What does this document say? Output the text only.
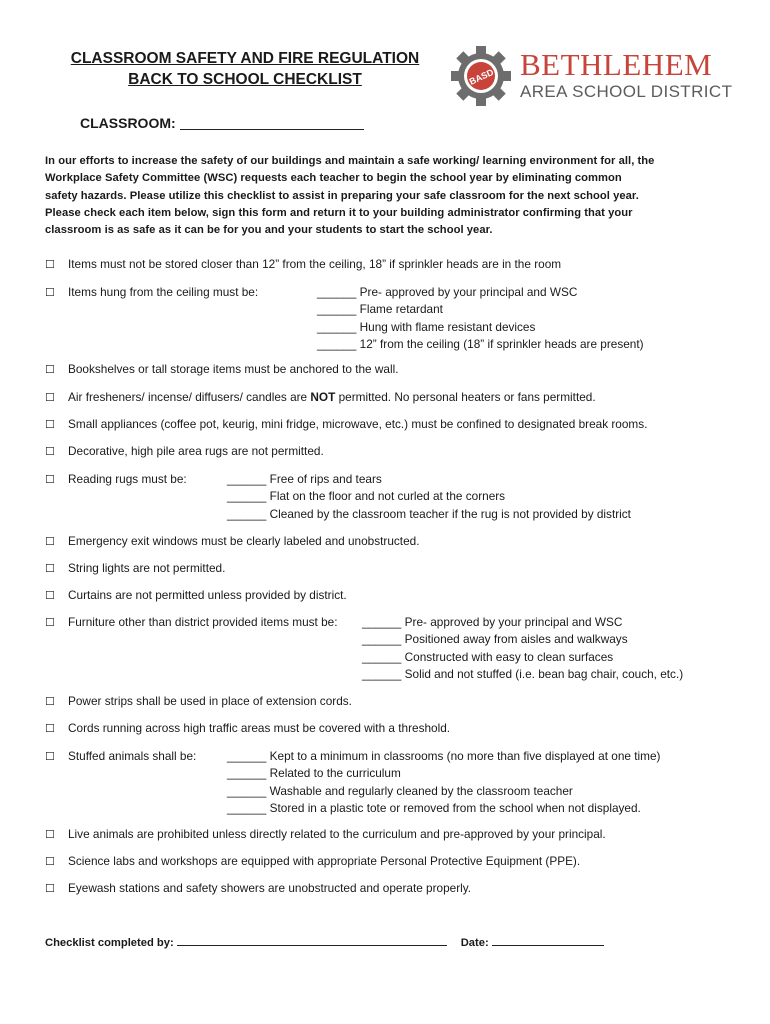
CLASSROOM SAFETY AND FIRE REGULATION
BACK TO SCHOOL CHECKLIST	BASD BETHLEHEM
AREA SCHOOL DISTRICT
CLASSROOM:
In our efforts to increase the safety of our buildings and maintain a safe working/ learning environment for all, the
Workplace Safety Committee (WSC) requests each teacher to begin the school year by eliminating common
safety hazards. Please utilize this checklist to assist in preparing your safe classroom for the next school year.
Please check each item below, sign this form and return it to your building administrator confirming that your
classroom is as safe as it can be for you and your students to start the school year.
☐ Items must not be stored closer than 12” from the ceiling, 18” if sprinkler heads are in the room
☐ Items hung from the ceiling must be:	______ Pre- approved by your principal and WSC
______ Flame retardant
______ Hung with flame resistant devices
______ 12” from the ceiling (18” if sprinkler heads are present)
☐ Bookshelves or tall storage items must be anchored to the wall.
☐ Air fresheners/ incense/ diffusers/ candles are NOT permitted. No personal heaters or fans permitted.
☐ Small appliances (coffee pot, keurig, mini fridge, microwave, etc.) must be confined to designated break rooms.
☐ Decorative, high pile area rugs are not permitted.
☐ Reading rugs must be:	______ Free of rips and tears
______ Flat on the floor and not curled at the corners
______ Cleaned by the classroom teacher if the rug is not provided by district
☐ Emergency exit windows must be clearly labeled and unobstructed.
☐ String lights are not permitted.
☐ Curtains are not permitted unless provided by district.
☐ Furniture other than district provided items must be: ______ Pre- approved by your principal and WSC
______ Positioned away from aisles and walkways
______ Constructed with easy to clean surfaces
______ Solid and not stuffed (i.e. bean bag chair, couch, etc.)
☐ Power strips shall be used in place of extension cords.
☐ Cords running across high traffic areas must be covered with a threshold.
☐ Stuffed animals shall be:	______ Kept to a minimum in classrooms (no more than five displayed at one time)
______ Related to the curriculum
______ Washable and regularly cleaned by the classroom teacher
______ Stored in a plastic tote or removed from the school when not displayed.
☐ Live animals are prohibited unless directly related to the curriculum and pre-approved by your principal.
☐ Science labs and workshops are equipped with appropriate Personal Protective Equipment (PPE).
☐ Eyewash stations and safety showers are unobstructed and operate properly.
Checklist completed by:	Date:
